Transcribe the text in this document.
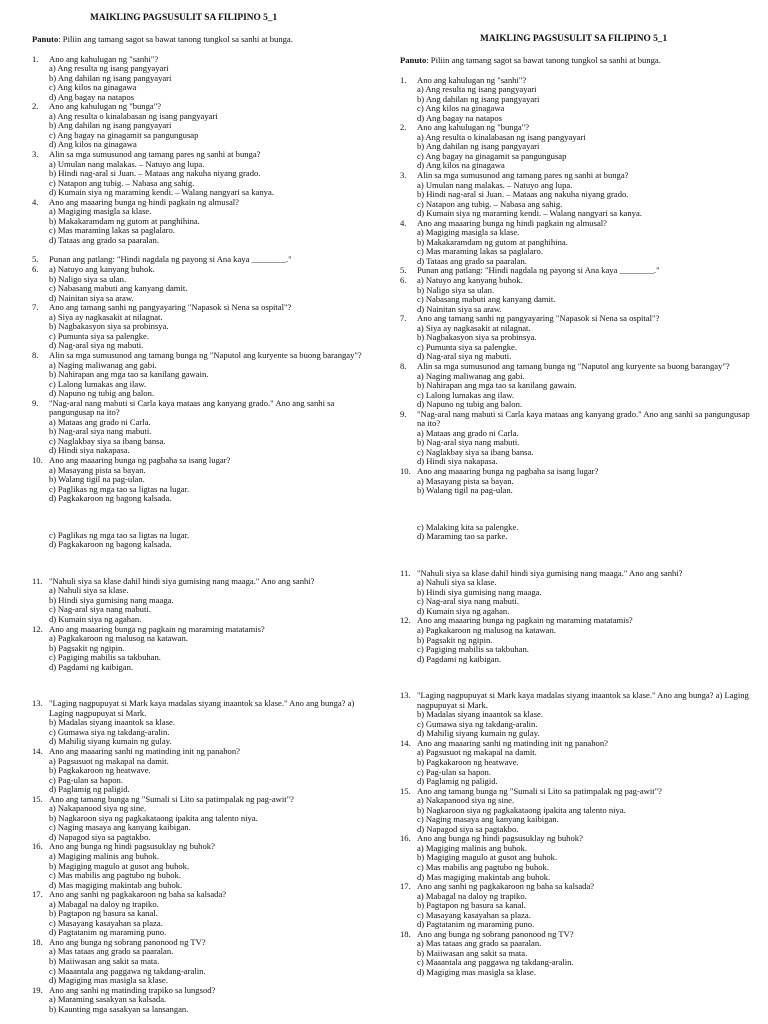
MAIKLING PAGSUSULIT SA FILIPINO 5_1
Panuto: Piliin ang tamang sagot sa bawat tanong tungkol sa sanhi at bunga.
1.	Ano ang kahulugan ng "sanhi"?
a) Ang resulta ng isang pangyayari
b) Ang dahilan ng isang pangyayari
c) Ang kilos na ginagawa
d) Ang bagay na natapos
2.	Ano ang kahulugan ng "bunga"?
a) Ang resulta o kinalabasan ng isang pangyayari
b) Ang dahilan ng isang pangyayari
c) Ang bagay na ginagamit sa pangungusap
d) Ang kilos na ginagawa
3.	Alin sa mga sumusunod ang tamang pares ng sanhi at bunga?
a) Umulan nang malakas. – Natuyo ang lupa.
b) Hindi nag-aral si Juan. – Mataas ang nakuha niyang grado.
c) Natapon ang tubig. – Nabasa ang sahig.
d) Kumain siya ng maraming kendi. – Walang nangyari sa kanya.
4.	Ano ang maaaring bunga ng hindi pagkain ng almusal?
a) Magiging masigla sa klase.
b) Makakaramdam ng gutom at panghihina.
c) Mas maraming lakas sa paglalaro.
d) Tataas ang grado sa paaralan.
5.	Punan ang patlang: "Hindi nagdala ng payong si Ana kaya ________."
6.	a) Natuyo ang kanyang buhok.
b) Naligo siya sa ulan.
c) Nabasang mabuti ang kanyang damit.
d) Nainitan siya sa araw.
7.	Ano ang tamang sanhi ng pangyayaring "Napasok si Nena sa ospital"?
a) Siya ay nagkasakit at nilagnat.
b) Nagbakasyon siya sa probinsya.
c) Pumunta siya sa palengke.
d) Nag-aral siya ng mabuti.
8.	Alin sa mga sumusunod ang tamang bunga ng "Naputol ang kuryente sa buong barangay"?
a) Naging maliwanag ang gabi.
b) Nahirapan ang mga tao sa kanilang gawain.
c) Lalong lumakas ang ilaw.
d) Napuno ng tubig ang balon.
9.	"Nag-aral nang mabuti si Carla kaya mataas ang kanyang grado." Ano ang sanhi sa pangungusap na ito?
a) Mataas ang grado ni Carla.
b) Nag-aral siya nang mabuti.
c) Naglakbay siya sa ibang bansa.
d) Hindi siya nakapasa.
10. Ano ang maaaring bunga ng pagbaha sa isang lugar?
a) Masayang pista sa bayan.
b) Walang tigil na pag-ulan.
c) Paglikas ng mga tao sa ligtas na lugar.
d) Pagkakaroon ng bagong kalsada.
c) Paglikas ng mga tao sa ligtas na lugar.
d) Pagkakaroon ng bagong kalsada.
11. "Nahuli siya sa klase dahil hindi siya gumising nang maaga." Ano ang sanhi?
a) Nahuli siya sa klase.
b) Hindi siya gumising nang maaga.
c) Nag-aral siya nang mabuti.
d) Kumain siya ng agahan.
12. Ano ang maaaring bunga ng pagkain ng maraming matatamis?
a) Pagkakaroon ng malusog na katawan.
b) Pagsakit ng ngipin.
c) Pagiging mabilis sa takbuhan.
d) Pagdami ng kaibigan.
13. "Laging nagpupuyat si Mark kaya madalas siyang inaantok sa klase." Ano ang bunga? a) Laging nagpupuyat si Mark.
b) Madalas siyang inaantok sa klase.
c) Gumawa siya ng takdang-aralin.
d) Mahilig siyang kumain ng gulay.
14. Ano ang maaaring sanhi ng matinding init ng panahon?
a) Pagsusuot ng makapal na damit.
b) Pagkakaroon ng heatwave.
c) Pag-ulan sa hapon.
d) Paglamig ng paligid.
15. Ano ang tamang bunga ng "Sumali si Lito sa patimpalak ng pag-awit"?
a) Nakapanood siya ng sine.
b) Nagkaroon siya ng pagkakataong ipakita ang talento niya.
c) Naging masaya ang kanyang kaibigan.
d) Napagod siya sa pagtakbo.
16. Ano ang bunga ng hindi pagsusuklay ng buhok?
a) Magiging malinis ang buhok.
b) Magiging magulo at gusot ang buhok.
c) Mas mabilis ang pagtubo ng buhok.
d) Mas magiging makintab ang buhok.
17. Ano ang sanhi ng pagkakaroon ng baha sa kalsada?
a) Mabagal na daloy ng trapiko.
b) Pagtapon ng basura sa kanal.
c) Masayang kasayahan sa plaza.
d) Pagtatanim ng maraming puno.
18. Ano ang bunga ng sobrang panonood ng TV?
a) Mas tataas ang grado sa paaralan.
b) Maiiwasan ang sakit sa mata.
c) Maaantala ang paggawa ng takdang-aralin.
d) Magiging mas masigla sa klase.
19. Ano ang sanhi ng matinding trapiko sa lungsod?
a) Maraming sasakyan sa kalsada.
b) Kaunting mga sasakyan sa lansangan.
MAIKLING PAGSUSULIT SA FILIPINO 5_1
Panuto: Piliin ang tamang sagot sa bawat tanong tungkol sa sanhi at bunga.
1.	Ano ang kahulugan ng "sanhi"?
a) Ang resulta ng isang pangyayari
b) Ang dahilan ng isang pangyayari
c) Ang kilos na ginagawa
d) Ang bagay na natapos
2.	Ano ang kahulugan ng "bunga"?
a) Ang resulta o kinalabasan ng isang pangyayari
b) Ang dahilan ng isang pangyayari
c) Ang bagay na ginagamit sa pangungusap
d) Ang kilos na ginagawa
3.	Alin sa mga sumusunod ang tamang pares ng sanhi at bunga?
a) Umulan nang malakas. – Natuyo ang lupa.
b) Hindi nag-aral si Juan. – Mataas ang nakuha niyang grado.
c) Natapon ang tubig. – Nabasa ang sahig.
d) Kumain siya ng maraming kendi. – Walang nangyari sa kanya.
4.	Ano ang maaaring bunga ng hindi pagkain ng almusal?
a) Magiging masigla sa klase.
b) Makakaramdam ng gutom at panghihina.
c) Mas maraming lakas sa paglalaro.
d) Tataas ang grado sa paaralan.
5.	Punan ang patlang: "Hindi nagdala ng payong si Ana kaya ________."
6.	a) Natuyo ang kanyang buhok.
b) Naligo siya sa ulan.
c) Nabasang mabuti ang kanyang damit.
d) Nainitan siya sa araw.
7.	Ano ang tamang sanhi ng pangyayaring "Napasok si Nena sa ospital"?
a) Siya ay nagkasakit at nilagnat.
b) Nagbakasyon siya sa probinsya.
c) Pumunta siya sa palengke.
d) Nag-aral siya ng mabuti.
8.	Alin sa mga sumusunod ang tamang bunga ng "Naputol ang kuryente sa buong barangay"?
a) Naging maliwanag ang gabi.
b) Nahirapan ang mga tao sa kanilang gawain.
c) Lalong lumakas ang ilaw.
d) Napuno ng tubig ang balon.
9.	"Nag-aral nang mabuti si Carla kaya mataas ang kanyang grado." Ano ang sanhi sa pangungusap na ito?
a) Mataas ang grado ni Carla.
b) Nag-aral siya nang mabuti.
c) Naglakbay siya sa ibang bansa.
d) Hindi siya nakapasa.
10. Ano ang maaaring bunga ng pagbaha sa isang lugar?
a) Masayang pista sa bayan.
b) Walang tigil na pag-ulan.
c) Malaking kita sa palengke.
d) Maraming tao sa parke.
11. "Nahuli siya sa klase dahil hindi siya gumising nang maaga." Ano ang sanhi?
a) Nahuli siya sa klase.
b) Hindi siya gumising nang maaga.
c) Nag-aral siya nang mabuti.
d) Kumain siya ng agahan.
12. Ano ang maaaring bunga ng pagkain ng maraming matatamis?
a) Pagkakaroon ng malusog na katawan.
b) Pagsakit ng ngipin.
c) Pagiging mabilis sa takbuhan.
d) Pagdami ng kaibigan.
13. "Laging nagpupuyat si Mark kaya madalas siyang inaantok sa klase." Ano ang bunga? a) Laging nagpupuyat si Mark.
b) Madalas siyang inaantok sa klase.
c) Gumawa siya ng takdang-aralin.
d) Mahilig siyang kumain ng gulay.
14. Ano ang maaaring sanhi ng matinding init ng panahon?
a) Pagsusuot ng makapal na damit.
b) Pagkakaroon ng heatwave.
c) Pag-ulan sa hapon.
d) Paglamig ng paligid.
15. Ano ang tamang bunga ng "Sumali si Lito sa patimpalak ng pag-awit"?
a) Nakapanood siya ng sine.
b) Nagkaroon siya ng pagkakataong ipakita ang talento niya.
c) Naging masaya ang kanyang kaibigan.
d) Napagod siya sa pagtakbo.
16. Ano ang bunga ng hindi pagsusuklay ng buhok?
a) Magiging malinis ang buhok.
b) Magiging magulo at gusot ang buhok.
c) Mas mabilis ang pagtubo ng buhok.
d) Mas magiging makintab ang buhok.
17. Ano ang sanhi ng pagkakaroon ng baha sa kalsada?
a) Mabagal na daloy ng trapiko.
b) Pagtapon ng basura sa kanal.
c) Masayang kasayahan sa plaza.
d) Pagtatanim ng maraming puno.
18. Ano ang bunga ng sobrang panonood ng TV?
a) Mas tataas ang grado sa paaralan.
b) Maiiwasan ang sakit sa mata.
c) Maaantala ang paggawa ng takdang-aralin.
d) Magiging mas masigla sa klase.
